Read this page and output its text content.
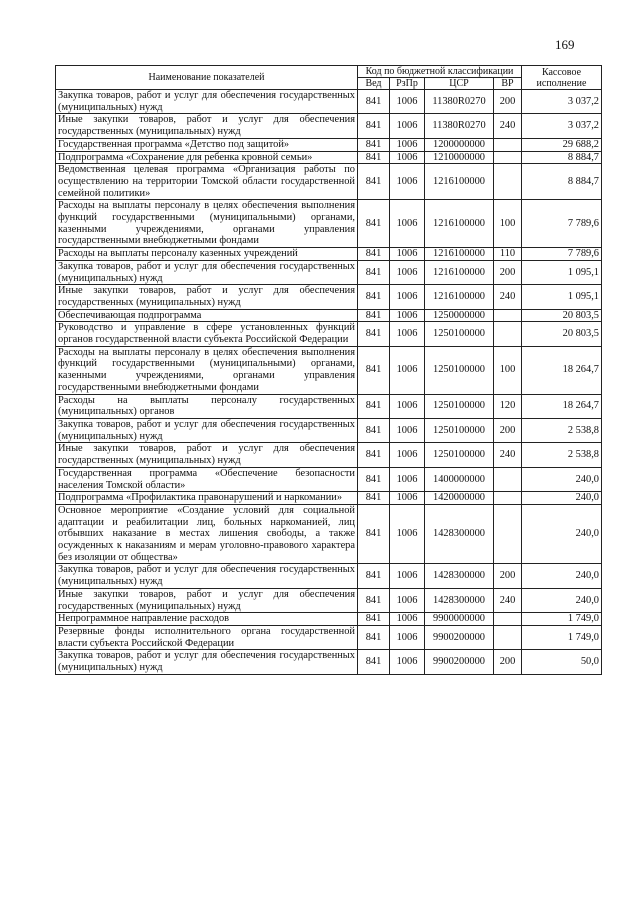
169
Наименование показателей	Код по бюджетной классификации				Кассовое исполнение
	Вед	РзПр	ЦСР	ВР	
Закупка товаров, работ и услуг для обеспечения государственных (муниципальных) нужд	841	1006	11380R0270	200	3 037,2
Иные закупки товаров, работ и услуг для обеспечения государственных (муниципальных) нужд	841	1006	11380R0270	240	3 037,2
Государственная программа «Детство под защитой»	841	1006	1200000000		29 688,2
Подпрограмма «Сохранение для ребенка кровной семьи»	841	1006	1210000000		8 884,7
Ведомственная целевая программа «Организация работы по осуществлению на территории Томской области государственной семейной политики»	841	1006	1216100000		8 884,7
Расходы на выплаты персоналу в целях обеспечения выполнения функций государственными (муниципальными) органами, казенными учреждениями, органами управления государственными внебюджетными фондами	841	1006	1216100000	100	7 789,6
Расходы на выплаты персоналу казенных учреждений	841	1006	1216100000	110	7 789,6
Закупка товаров, работ и услуг для обеспечения государственных (муниципальных) нужд	841	1006	1216100000	200	1 095,1
Иные закупки товаров, работ и услуг для обеспечения государственных (муниципальных) нужд	841	1006	1216100000	240	1 095,1
Обеспечивающая подпрограмма	841	1006	1250000000		20 803,5
Руководство и управление в сфере установленных функций органов государственной власти субъекта Российской Федерации	841	1006	1250100000		20 803,5
Расходы на выплаты персоналу в целях обеспечения выполнения функций государственными (муниципальными) органами, казенными учреждениями, органами управления государственными внебюджетными фондами	841	1006	1250100000	100	18 264,7
Расходы на выплаты персоналу государственных (муниципальных) органов	841	1006	1250100000	120	18 264,7
Закупка товаров, работ и услуг для обеспечения государственных (муниципальных) нужд	841	1006	1250100000	200	2 538,8
Иные закупки товаров, работ и услуг для обеспечения государственных (муниципальных) нужд	841	1006	1250100000	240	2 538,8
Государственная программа «Обеспечение безопасности населения Томской области»	841	1006	1400000000		240,0
Подпрограмма «Профилактика правонарушений и наркомании»	841	1006	1420000000		240,0
Основное мероприятие «Создание условий для социальной адаптации и реабилитации лиц, больных наркоманией, лиц отбывших наказание в местах лишения свободы, а также осужденных к наказаниям и мерам уголовно-правового характера без изоляции от общества»	841	1006	1428300000		240,0
Закупка товаров, работ и услуг для обеспечения государственных (муниципальных) нужд	841	1006	1428300000	200	240,0
Иные закупки товаров, работ и услуг для обеспечения государственных (муниципальных) нужд	841	1006	1428300000	240	240,0
Непрограммное направление расходов	841	1006	9900000000		1 749,0
Резервные фонды исполнительного органа государственной власти субъекта Российской Федерации	841	1006	9900200000		1 749,0
Закупка товаров, работ и услуг для обеспечения государственных (муниципальных) нужд	841	1006	9900200000	200	50,0
